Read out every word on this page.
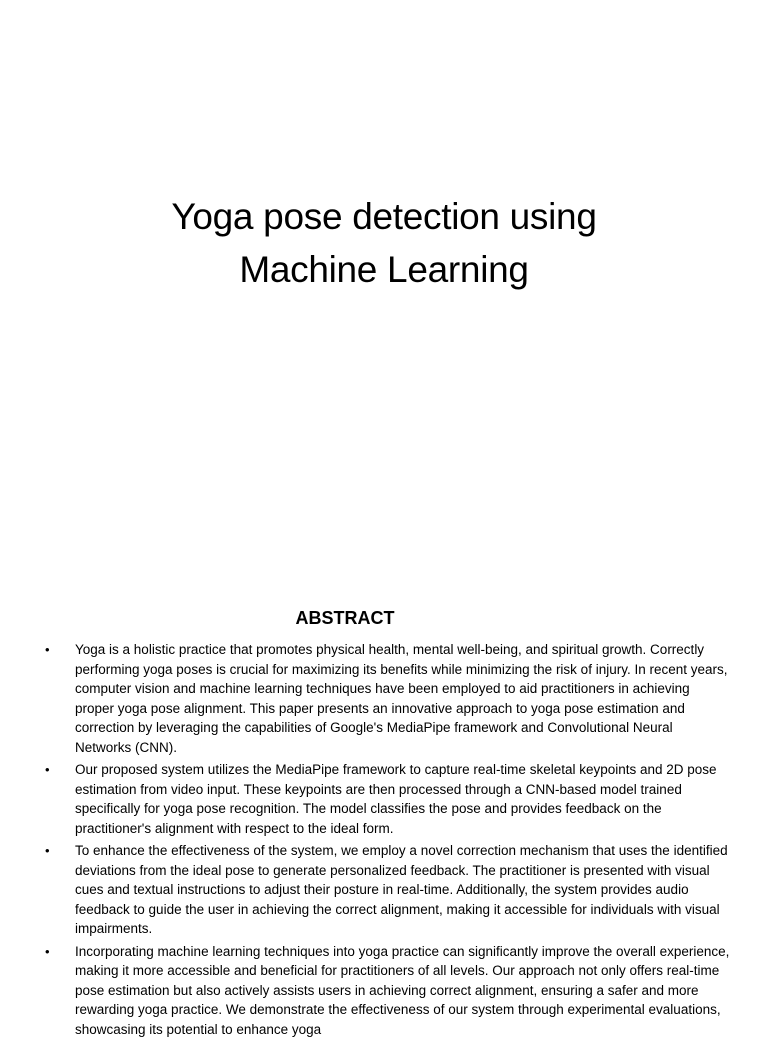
Yoga pose detection using
Machine Learning
ABSTRACT
• Yoga is a holistic practice that promotes physical health, mental well-being, and spiritual growth. Correctly performing yoga poses is crucial for maximizing its benefits while minimizing the risk of injury. In recent years, computer vision and machine learning techniques have been employed to aid practitioners in achieving proper yoga pose alignment. This paper presents an innovative approach to yoga pose estimation and correction by leveraging the capabilities of Google's MediaPipe framework and Convolutional Neural Networks (CNN).
• Our proposed system utilizes the MediaPipe framework to capture real-time skeletal keypoints and 2D pose estimation from video input. These keypoints are then processed through a CNN-based model trained specifically for yoga pose recognition. The model classifies the pose and provides feedback on the practitioner's alignment with respect to the ideal form.
• To enhance the effectiveness of the system, we employ a novel correction mechanism that uses the identified deviations from the ideal pose to generate personalized feedback. The practitioner is presented with visual cues and textual instructions to adjust their posture in real-time. Additionally, the system provides audio feedback to guide the user in achieving the correct alignment, making it accessible for individuals with visual impairments.
• Incorporating machine learning techniques into yoga practice can significantly improve the overall experience, making it more accessible and beneficial for practitioners of all levels. Our approach not only offers real-time pose estimation but also actively assists users in achieving correct alignment, ensuring a safer and more rewarding yoga practice. We demonstrate the effectiveness of our system through experimental evaluations, showcasing its potential to enhance yoga
